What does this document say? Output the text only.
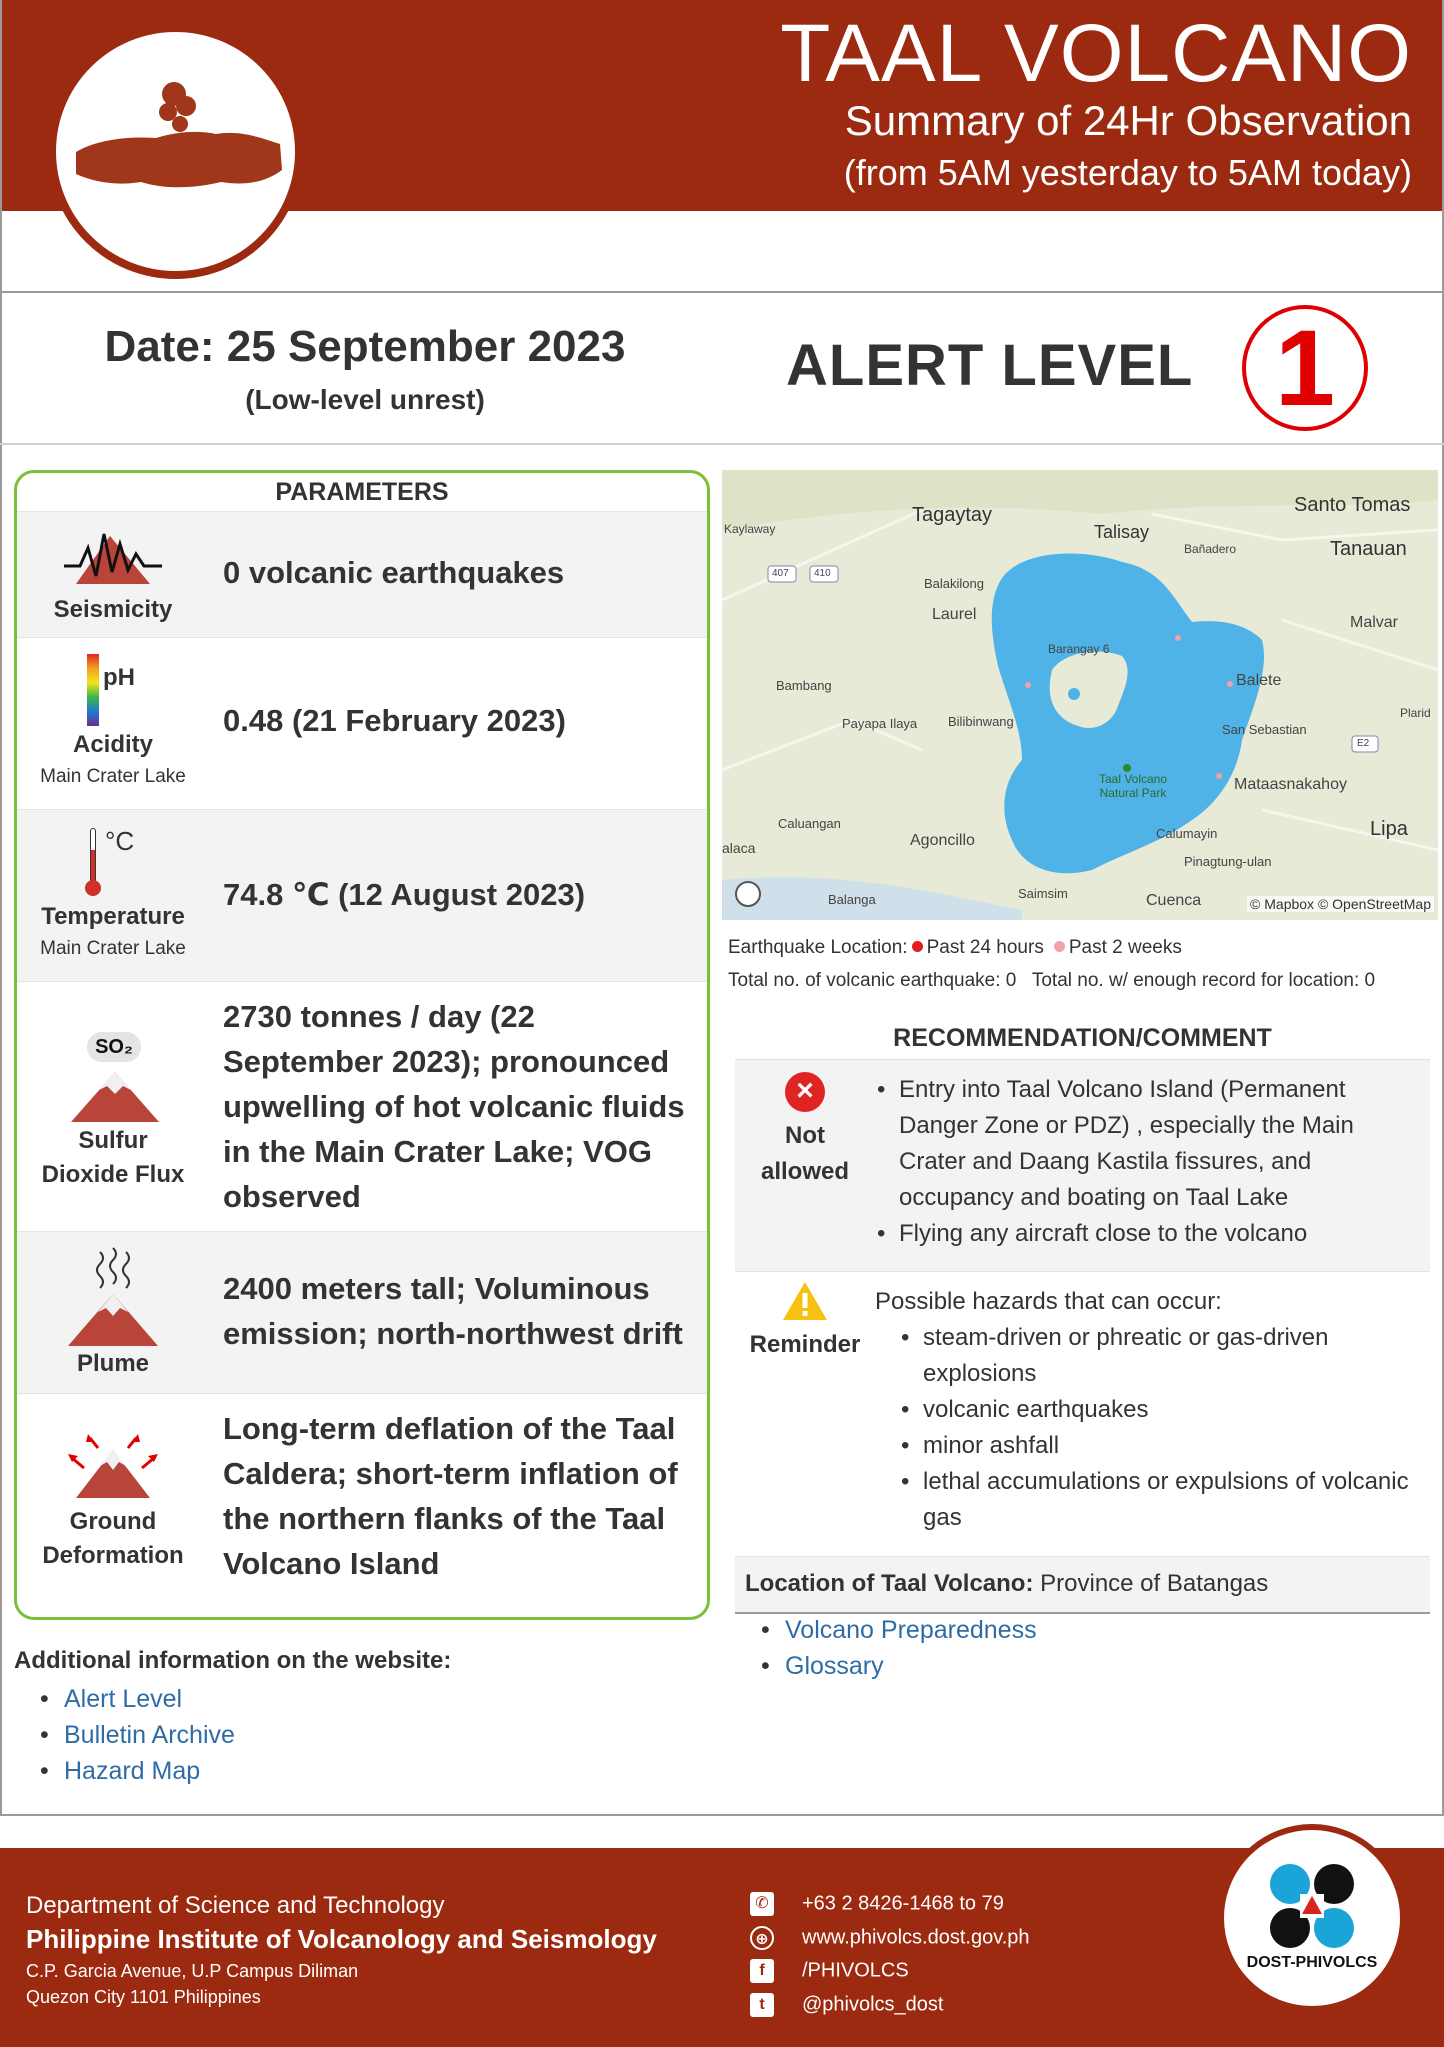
TAAL VOLCANO
Summary of 24Hr Observation
(from 5AM yesterday to 5AM today)
Date: 25 September 2023
(Low-level unrest)
ALERT LEVEL 1
PARAMETERS
Seismicity
0 volcanic earthquakes
pH
Acidity
Main Crater Lake
0.48 (21 February 2023)
°C
Temperature
Main Crater Lake
74.8 ℃ (12 August 2023)
SO₂
Sulfur
Dioxide Flux
2730 tonnes / day (22 September 2023); pronounced upwelling of hot volcanic fluids in the Main Crater Lake; VOG observed
Plume
2400 meters tall; Voluminous emission; north-northwest drift
Ground
Deformation
Long-term deflation of the Taal Caldera; short-term inflation of the northern flanks of the Taal Volcano Island
Tagaytay
Talisay
Santo Tomas
Tanauan
Kaylaway
Bañadero
Balakilong
Laurel	Malvar
Barangay 6
Balete
Bambang
Plarid
Payapa Ilaya Bilibinwang
San Sebastian
Taal Volcano
Natural Park	Mataasnakahoy
Caluangan	Lipa
Agoncillo	Calumayin
alaca
Pinagtung-ulan
Balanga	Saimsim	Cuenca
407	410
E2
© Mapbox © OpenStreetMap
Earthquake Location: Past 24 hours Past 2 weeks
Total no. of volcanic earthquake: 0   Total no. w/ enough record for location: 0
RECOMMENDATION/COMMENT
×
Not
allowed
• Entry into Taal Volcano Island (Permanent Danger Zone or PDZ) , especially the Main Crater and Daang Kastila fissures, and occupancy and boating on Taal Lake
• Flying any aircraft close to the volcano
Reminder
Possible hazards that can occur:
• steam-driven or phreatic or gas-driven explosions
• volcanic earthquakes
• minor ashfall
• lethal accumulations or expulsions of volcanic gas
Location of Taal Volcano: Province of Batangas
• Volcano Preparedness
• Glossary
Additional information on the website:
• Alert Level
• Bulletin Archive
• Hazard Map
Department of Science and Technology
Philippine Institute of Volcanology and Seismology
C.P. Garcia Avenue, U.P Campus Diliman
Quezon City 1101 Philippines
✆ +63 2 8426-1468 to 79
⊕ www.phivolcs.dost.gov.ph
f /PHIVOLCS
t @phivolcs_dost
DOST-PHIVOLCS
